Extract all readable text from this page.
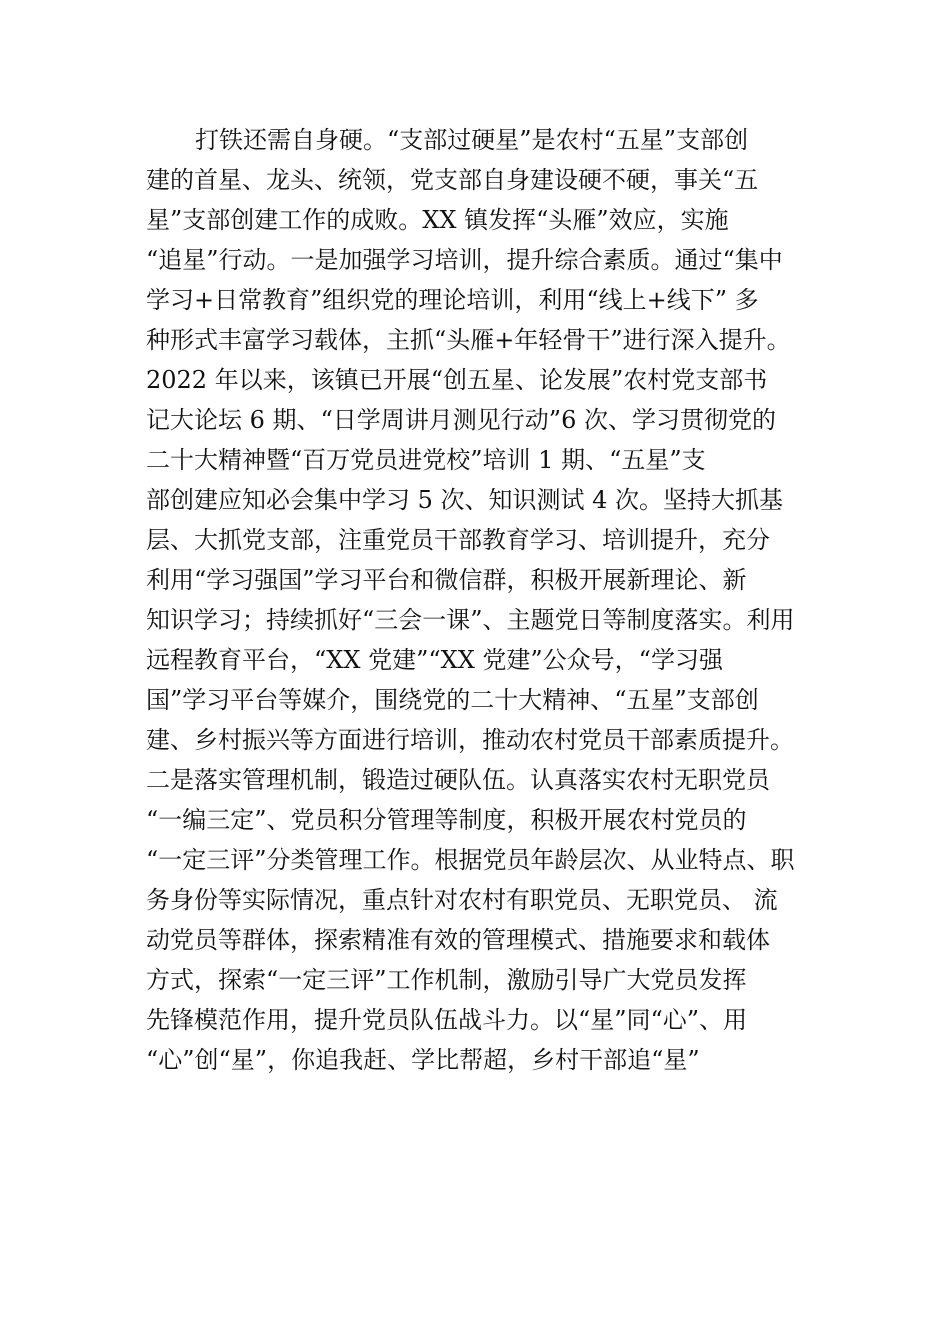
打铁还需自身硬。“支部过硬星”是农村“五星”支部创
建的首星、龙头、统领，党支部自身建设硬不硬，事关“五
星”支部创建工作的成败。XX 镇发挥“头雁”效应，实施
“追星”行动。一是加强学习培训，提升综合素质。通过“集中
学习+日常教育”组织党的理论培训，利用“线上+线下” 多
种形式丰富学习载体，主抓“头雁+年轻骨干”进行深入提升。
2022 年以来，该镇已开展“创五星、论发展”农村党支部书
记大论坛 6 期、“日学周讲月测见行动”6 次、学习贯彻党的
二十大精神暨“百万党员进党校”培训 1 期、“五星”支
部创建应知必会集中学习 5 次、知识测试 4 次。坚持大抓基
层、大抓党支部，注重党员干部教育学习、培训提升，充分
利用“学习强国”学习平台和微信群，积极开展新理论、新
知识学习；持续抓好“三会一课”、主题党日等制度落实。利用
远程教育平台，“XX 党建”“XX 党建”公众号，“学习强
国”学习平台等媒介，围绕党的二十大精神、“五星”支部创
建、乡村振兴等方面进行培训，推动农村党员干部素质提升。
二是落实管理机制，锻造过硬队伍。认真落实农村无职党员
“一编三定”、党员积分管理等制度，积极开展农村党员的
“一定三评”分类管理工作。根据党员年龄层次、从业特点、职
务身份等实际情况，重点针对农村有职党员、无职党员、 流
动党员等群体，探索精准有效的管理模式、措施要求和载体
方式，探索“一定三评”工作机制，激励引导广大党员发挥
先锋模范作用，提升党员队伍战斗力。以“星”同“心”、用
“心”创“星”，你追我赶、学比帮超，乡村干部追“星”
